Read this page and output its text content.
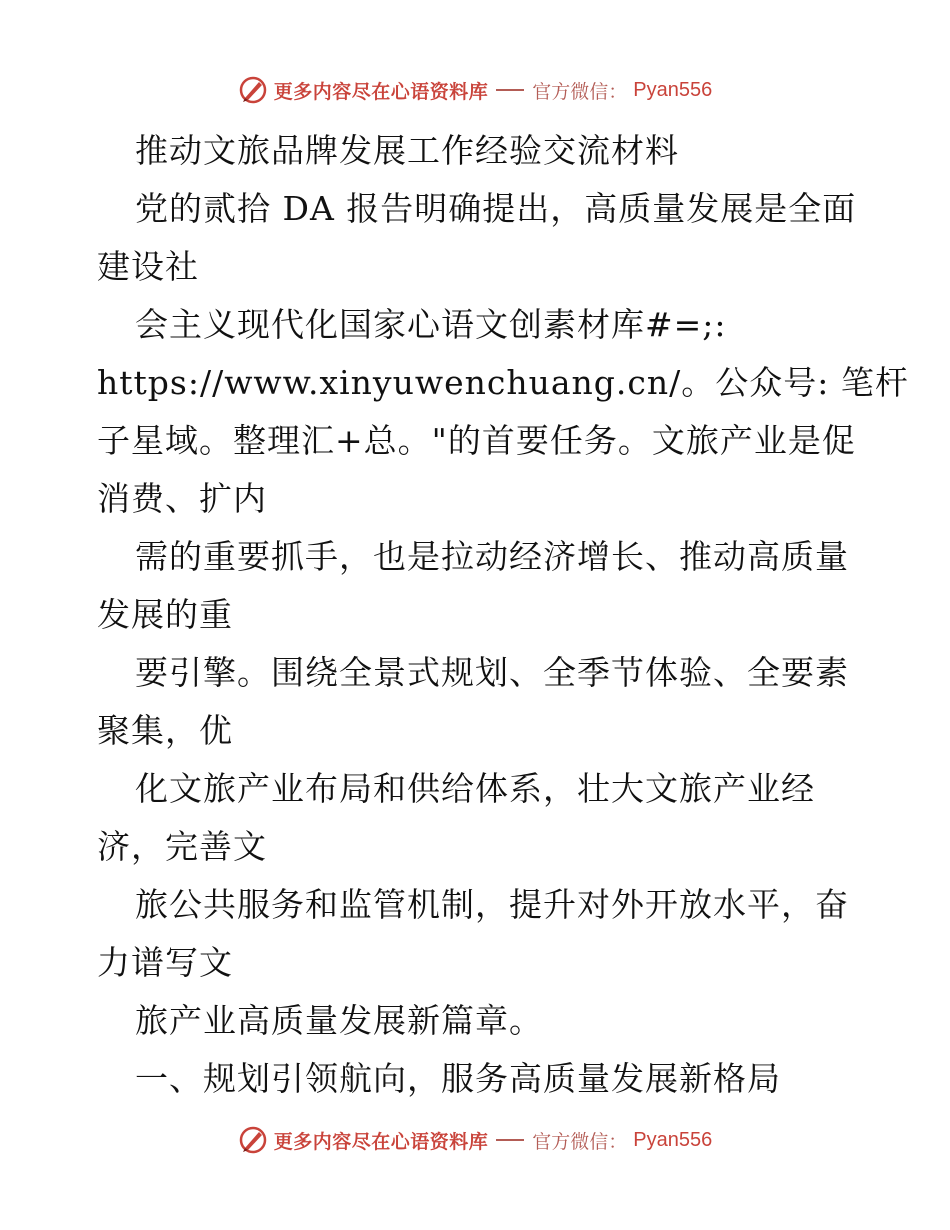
更多内容尽在心语资料库 官方微信： Pyan556
推动文旅品牌发展工作经验交流材料
党的贰拾 DA 报告明确提出，高质量发展是全面
建设社
会主义现代化国家心语文创素材库#=;:
https://www.xinyuwenchuang.cn/。公众号: 笔杆
子星域。整理汇+总。"的首要任务。文旅产业是促
消费、扩内
需的重要抓手，也是拉动经济增长、推动高质量
发展的重
要引擎。围绕全景式规划、全季节体验、全要素
聚集，优
化文旅产业布局和供给体系，壮大文旅产业经
济，完善文
旅公共服务和监管机制，提升对外开放水平，奋
力谱写文
旅产业高质量发展新篇章。
一、规划引领航向，服务高质量发展新格局
更多内容尽在心语资料库 官方微信： Pyan556
